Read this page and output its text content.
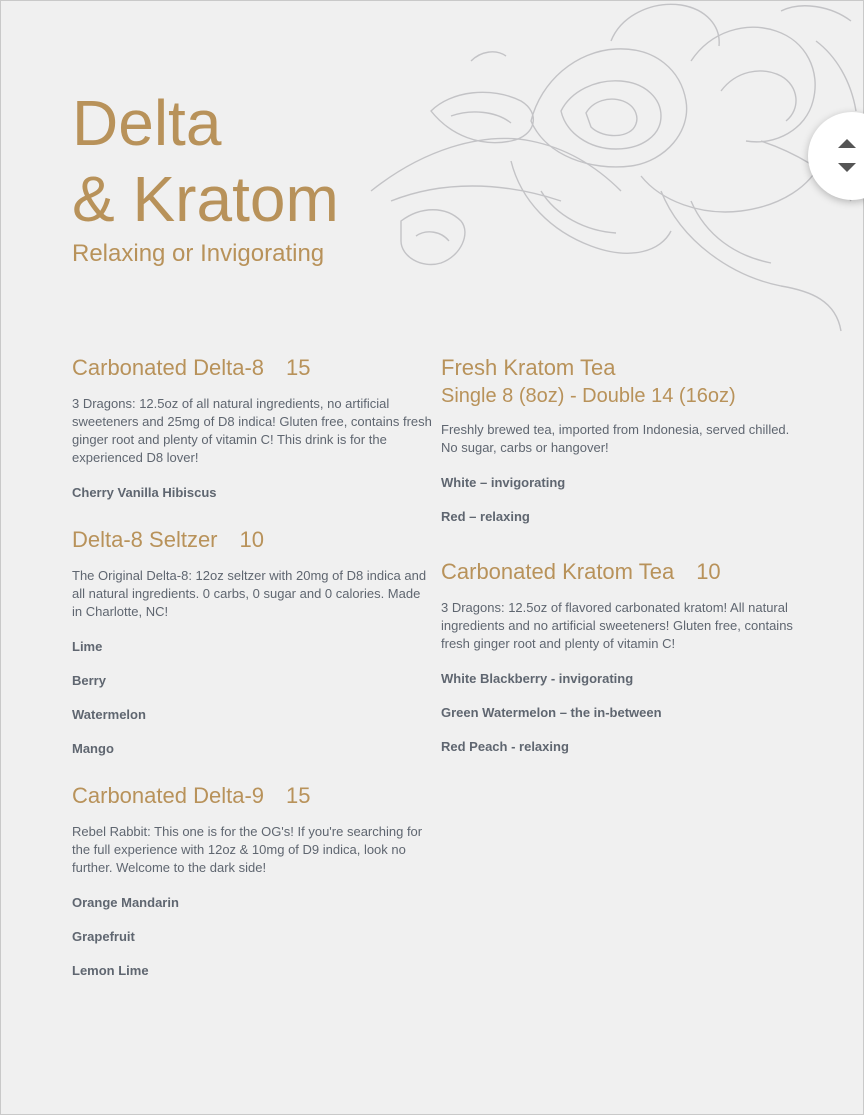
Delta
& Kratom
Relaxing or Invigorating
Carbonated Delta-8 15

3 Dragons: 12.5oz of all natural ingredients, no artificial sweeteners and 25mg of D8 indica! Gluten free, contains fresh ginger root and plenty of vitamin C! This drink is for the experienced D8 lover!

Cherry Vanilla Hibiscus
Delta-8 Seltzer 10

The Original Delta-8: 12oz seltzer with 20mg of D8 indica and all natural ingredients. 0 carbs, 0 sugar and 0 calories. Made in Charlotte, NC!

Lime
Berry
Watermelon
Mango
Carbonated Delta-9 15

Rebel Rabbit: This one is for the OG's! If you're searching for the full experience with 12oz & 10mg of D9 indica, look no further. Welcome to the dark side!

Orange Mandarin
Grapefruit
Lemon Lime
Fresh Kratom Tea
Single 8 (8oz) - Double 14 (16oz)

Freshly brewed tea, imported from Indonesia, served chilled. No sugar, carbs or hangover!

White – invigorating
Red – relaxing
Carbonated Kratom Tea 10

3 Dragons: 12.5oz of flavored carbonated kratom! All natural ingredients and no artificial sweeteners! Gluten free, contains fresh ginger root and plenty of vitamin C!

White Blackberry - invigorating
Green Watermelon – the in-between
Red Peach - relaxing
